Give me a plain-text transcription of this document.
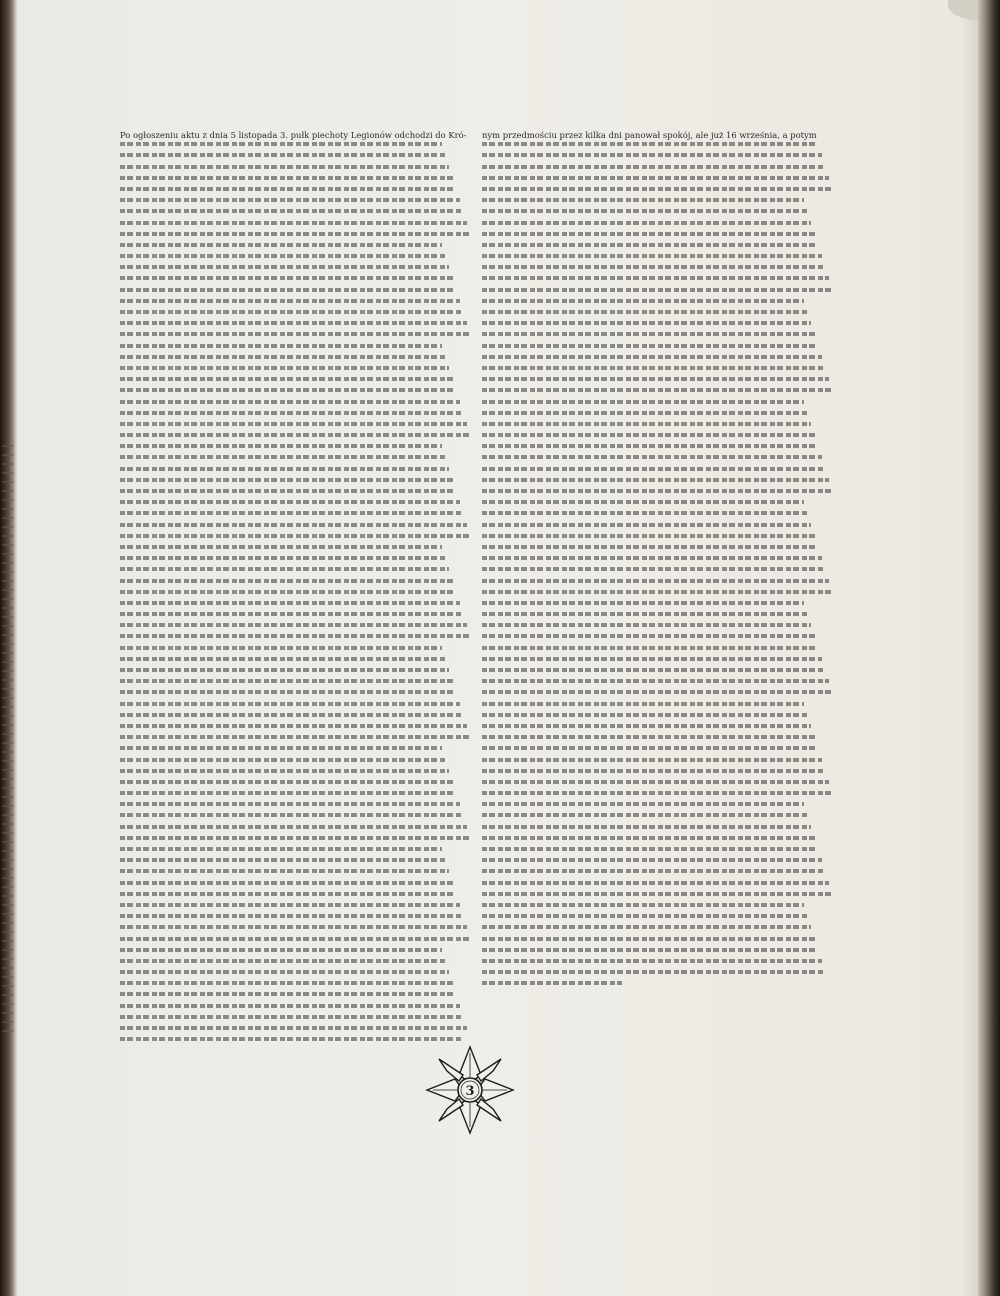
Po ogłoszeniu aktu z dnia 5 listopada 3. pułk piechoty Legionów odchodzi do Kró-	nym przedmościu przez kilka dni panował spokój, ale już 16 września, a potym

3
